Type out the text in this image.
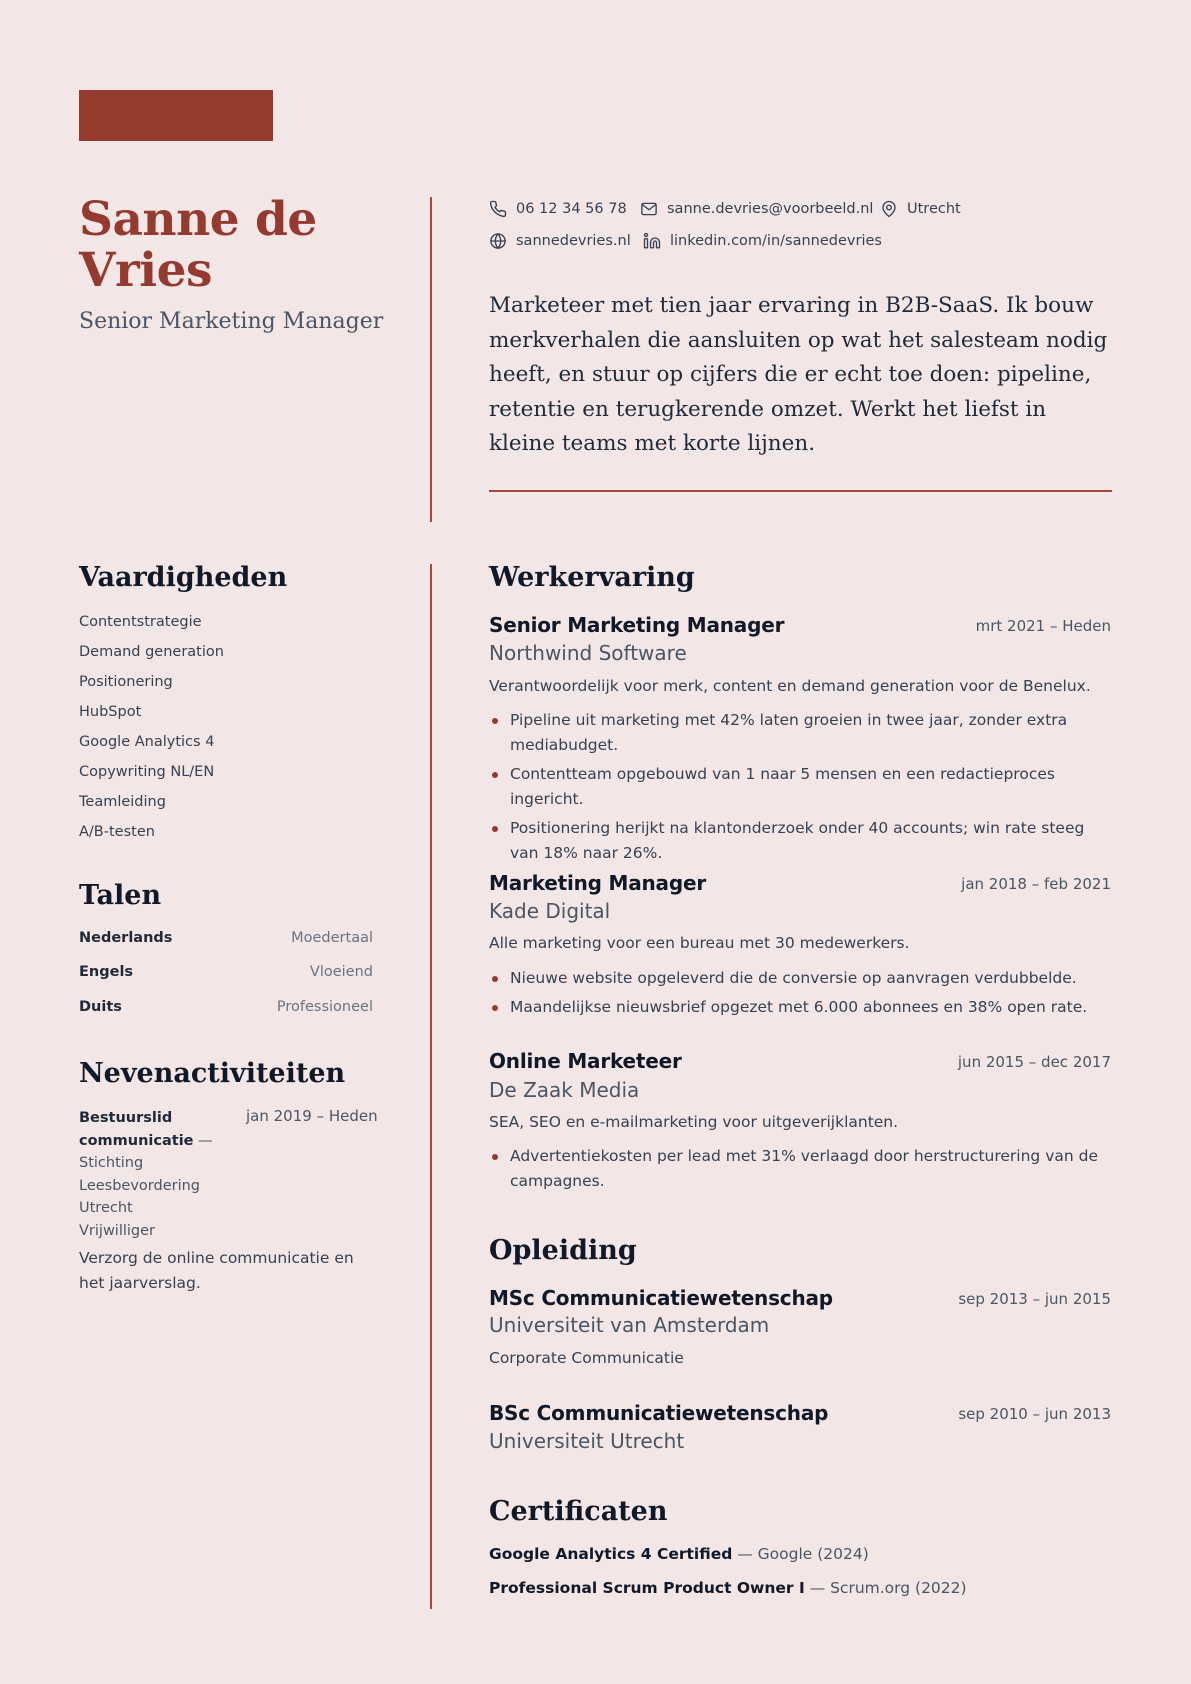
Sanne de Vries
Senior Marketing Manager
06 12 34 56 78	sanne.devries@voorbeeld.nl Utrecht
sannedevries.nl	linkedin.com/in/sannedevries

Marketeer met tien jaar ervaring in B2B-SaaS. Ik bouw merkverhalen die aansluiten op wat het salesteam nodig heeft, en stuur op cijfers die er echt toe doen: pipeline, retentie en terugkerende omzet. Werkt het liefst in kleine teams met korte lijnen.

Vaardigheden
Contentstrategie
Demand generation
Positionering
HubSpot
Google Analytics 4
Copywriting NL/EN
Teamleiding
A/B-testen
Talen
Nederlands	Moedertaal
Engels	Vloeiend
Duits	Professioneel
Nevenactiviteiten
Bestuurslid communicatie — Stichting Leesbevordering Utrecht
Vrijwilliger
jan 2019 – Heden

Verzorg de online communicatie en het jaarverslag.

Werkervaring
Senior Marketing Manager	mrt 2021 – Heden
Northwind Software
Verantwoordelijk voor merk, content en demand generation voor de Benelux.
Pipeline uit marketing met 42% laten groeien in twee jaar, zonder extra mediabudget.
Contentteam opgebouwd van 1 naar 5 mensen en een redactieproces ingericht.
Positionering herijkt na klantonderzoek onder 40 accounts; win rate steeg van 18% naar 26%.
Marketing Manager	jan 2018 – feb 2021
Kade Digital
Alle marketing voor een bureau met 30 medewerkers.
Nieuwe website opgeleverd die de conversie op aanvragen verdubbelde.
Maandelijkse nieuwsbrief opgezet met 6.000 abonnees en 38% open rate.
Online Marketeer	jun 2015 – dec 2017
De Zaak Media
SEA, SEO en e-mailmarketing voor uitgeverijklanten.
Advertentiekosten per lead met 31% verlaagd door herstructurering van de campagnes.
Opleiding
MSc Communicatiewetenschap	sep 2013 – jun 2015
Universiteit van Amsterdam
Corporate Communicatie
BSc Communicatiewetenschap	sep 2010 – jun 2013
Universiteit Utrecht
Certificaten
Google Analytics 4 Certified — Google (2024)
Professional Scrum Product Owner I — Scrum.org (2022)
